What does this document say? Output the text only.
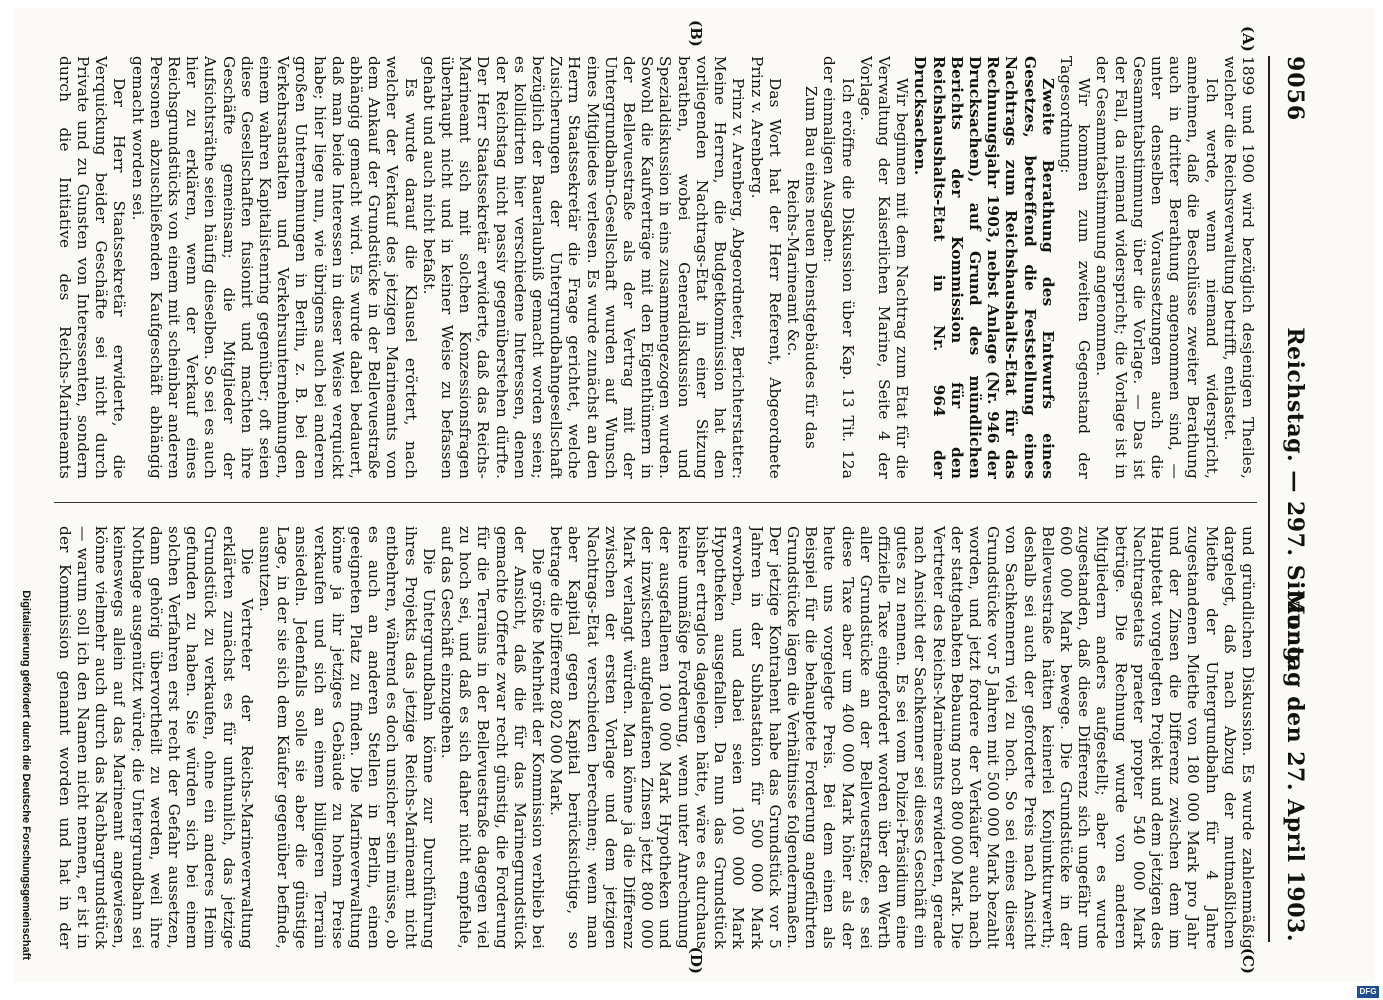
9056
Reichstag. — 297. Sitzung.
Montag den 27. April 1903.
(A)
(B)
(C)
(D)

1899 und 1900 wird bezüglich desjenigen Theiles, welcher die Reichsverwaltung betrifft, entlastet.

Ich werde, wenn niemand widerspricht, annehmen, daß die Beschlüsse zweiter Berathung auch in dritter Berathung angenommen sind, — unter denselben Voraussetzungen auch die Gesammtabstimmung über die Vorlage. — Das ist der Fall, da niemand widerspricht; die Vorlage ist in der Gesammtabstimmung angenommen.

Wir kommen zum zweiten Gegenstand der Tagesordnung:

Zweite Berathung des Entwurfs eines Gesetzes, betreffend die Feststellung eines Nachtrags zum Reichshaushalts-Etat für das Rechnungsjahr 1903, nebst Anlage (Nr. 946 der Drucksachen), auf Grund des mündlichen Berichts der Kommission für den Reichshaushalts-Etat in Nr. 964 der Drucksachen.

Wir beginnen mit dem Nachtrag zum Etat für die Verwaltung der Kaiserlichen Marine, Seite 4 der Vorlage.

Ich eröffne die Diskussion über Kap. 13 Tit. 12a der einmaligen Ausgaben:

Zum Bau eines neuen Dienstgebäudes für das Reichs-Marineamt &c.

Das Wort hat der Herr Referent, Abgeordnete Prinz v. Arenberg.

Prinz v. Arenberg, Abgeordneter, Berichterstatter: Meine Herren, die Budgetkommission hat den vorliegenden Nachtrags-Etat in einer Sitzung berathen, wobei Generaldiskussion und Spezialdiskussion in eins zusammengezogen wurden. Sowohl die Kaufverträge mit den Eigenthümern in der Bellevuestraße als der Vertrag mit der Untergrundbahn-Gesellschaft wurden auf Wunsch eines Mitgliedes verlesen. Es wurde zunächst an den Herrn Staatssekretär die Frage gerichtet, welche Zusicherungen der Untergrundbahngesellschaft bezüglich der Bauerlaubniß gemacht worden seien; es kollidirten hier verschiedene Interessen, denen der Reichstag nicht passiv gegenüberstehen dürfte. Der Herr Staatssekretär erwiderte, daß das Reichs-Marineamt sich mit solchen Konzessionsfragen überhaupt nicht und in keiner Weise zu befassen gehabt und auch nicht befaßt.

Es wurde darauf die Klausel erörtert, nach welcher der Verkauf des jetzigen Marineamts von dem Ankauf der Grundstücke in der Bellevuestraße abhängig gemacht wird. Es wurde dabei bedauert, daß man beide Interessen in dieser Weise verquickt habe; hier liege nun, wie übrigens auch bei anderen großen Unternehmungen in Berlin, z. B. bei den Verkehrsanstalten und Verkehrsunternehmungen, einem wahren Kapitalistenring gegenüber; oft seien diese Gesellschaften fusionirt und machten ihre Geschäfte gemeinsam; die Mitglieder der Aufsichtsräthe seien häufig dieselben. So sei es auch hier zu erklären, wenn der Verkauf eines Reichsgrundstücks von einem mit scheinbar anderen Personen abzuschließenden Kaufgeschäft abhängig gemacht worden sei.

Der Herr Staatssekretär erwiderte, die Verquickung beider Geschäfte sei nicht durch Private und zu Gunsten von Interessenten, sondern durch die Initiative des Reichs-Marineamts

und gründlichen Diskussion. Es wurde zahlenmäßig dargelegt, daß nach Abzug der mutmaßlichen Miethe der Untergrundbahn für 4 Jahre zugestandenen Miethe von 180 000 Mark pro Jahr und der Zinsen die Differenz zwischen dem im Hauptetat vorgelegten Projekt und dem jetzigen des Nachtragsetats praeter propter 540 000 Mark betrüge. Die Rechnung wurde von anderen Mitgliedern anders aufgestellt; aber es wurde zugestanden, daß diese Differenz sich ungefähr um 600 000 Mark bewege. Die Grundstücke in der Bellevuestraße hätten keinerlei Konjunkturwerth; deshalb sei auch der geforderte Preis nach Ansicht von Sachkennern viel zu hoch. So sei eines dieser Grundstücke vor 5 Jahren mit 500 000 Mark bezahlt worden, und jetzt fordere der Verkäufer auch nach der stattgehabten Bebauung noch 800 000 Mark. Die Vertreter des Reichs-Marineamts erwiderten, gerade nach Ansicht der Sachkenner sei dieses Geschäft ein gutes zu nennen. Es sei vom Polizei-Präsidium eine offizielle Taxe eingefordert worden über den Werth aller Grundstücke an der Bellevuestraße; es sei diese Taxe aber um 400 000 Mark höher als der heute uns vorgelegte Preis. Bei dem einen als Beispiel für die behauptete Forderung angeführten Grundstücke lägen die Verhältnisse folgendermaßen. Der jetzige Kontrahent habe das Grundstück vor 5 Jahren in der Subhastation für 500 000 Mark erworben, und dabei seien 100 000 Mark Hypotheken ausgefallen. Da nun das Grundstück bisher ertraglos dagelegen hätte, wäre es durchaus keine unmäßige Forderung, wenn unter Anrechnung der ausgefallenen 100 000 Mark Hypotheken und der inzwischen aufgelaufenen Zinsen jetzt 800 000 Mark verlangt würden. Man könne ja die Differenz zwischen der ersten Vorlage und dem jetzigen Nachtrags-Etat verschieden berechnen; wenn man aber Kapital gegen Kapital berücksichtige, so betrage die Differenz 802 000 Mark.

Die größte Mehrheit der Kommission verblieb bei der Ansicht, daß die für das Marinegrundstück gemachte Offerte zwar recht günstig, die Forderung für die Terrains in der Bellevuestraße dagegen viel zu hoch sei, und daß es sich daher nicht empfehle, auf das Geschäft einzugehen.

Die Untergrundbahn könne zur Durchführung ihres Projekts das jetzige Reichs-Marineamt nicht entbehren, während es doch unsicher sein müsse, ob es auch an anderen Stellen in Berlin, einen geeigneten Platz zu finden. Die Marineverwaltung könne ja ihr jetziges Gebäude zu hohem Preise verkaufen und sich an einem billigeren Terrain ansiedeln. Jedenfalls solle sie aber die günstige Lage, in der sie sich dem Käufer gegenüber befinde, ausnutzen.

Die Vertreter der Reichs-Marineverwaltung erklärten zunächst es für unthunlich, das jetzige Grundstück zu verkaufen, ohne ein anderes Heim gefunden zu haben. Sie würden sich bei einem solchen Verfahren erst recht der Gefahr aussetzen, dann gehörig übervortheilt zu werden, weil ihre Nothlage ausgenützt würde; die Untergrundbahn sei keineswegs allein auf das Marineamt angewiesen, könne vielmehr auch durch das Nachbargrundstück — warum soll ich den Namen nicht nennen, er ist in der Kommission genannt worden und hat in der

Digitalisierung gefördert durch die Deutsche Forschungsgemeinschaft
DFG
